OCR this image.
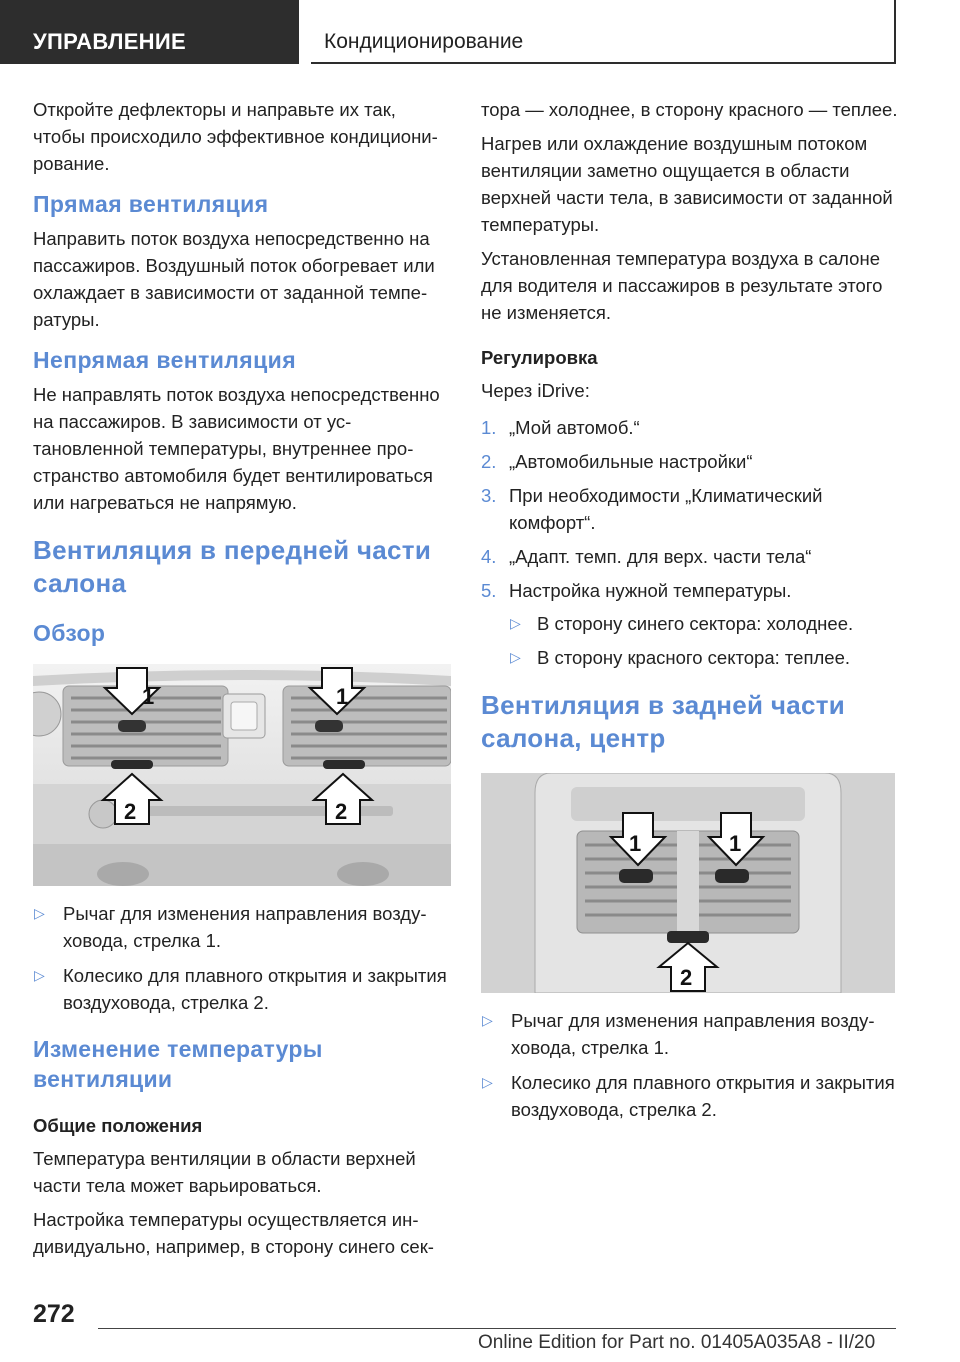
УПРАВЛЕНИЕ	Кондиционирование

Откройте дефлекторы и направьте их так, чтобы происходило эффективное кондиционирование.

Прямая вентиляция

Направить поток воздуха непосредственно на пассажиров. Воздушный поток обогревает или охлаждает в зависимости от заданной температуры.

Непрямая вентиляция

Не направлять поток воздуха непосредственно на пассажиров. В зависимости от установленной температуры, внутреннее пространство автомобиля будет вентилироваться или нагреваться не напрямую.

Вентиляция в передней части салона
Обзор
1	1
2	2
▷ Рычаг для изменения направления воздуховода, стрелка 1.
▷ Колесико для плавного открытия и закрытия воздуховода, стрелка 2.
Изменение температуры вентиляции
Общие положения

Температура вентиляции в области верхней части тела может варьироваться.

Настройка температуры осуществляется индивидуально, например, в сторону синего сек-

тора — холоднее, в сторону красного — теплее.

Нагрев или охлаждение воздушным потоком вентиляции заметно ощущается в области верхней части тела, в зависимости от заданной температуры.

Установленная температура воздуха в салоне для водителя и пассажиров в результате этого не изменяется.

Регулировка

Через iDrive:

1. „Мой автомоб.“
2. „Автомобильные настройки“
3. При необходимости „Климатический комфорт“.
4. „Адапт. темп. для верх. части тела“
5. Настройка нужной температуры.
▷ В сторону синего сектора: холоднее.
▷ В сторону красного сектора: теплее.
Вентиляция в задней части салона, центр
1	1
2
▷ Рычаг для изменения направления воздуховода, стрелка 1.
▷ Колесико для плавного открытия и закрытия воздуховода, стрелка 2.
272
Online Edition for Part no. 01405A035A8 - II/20
